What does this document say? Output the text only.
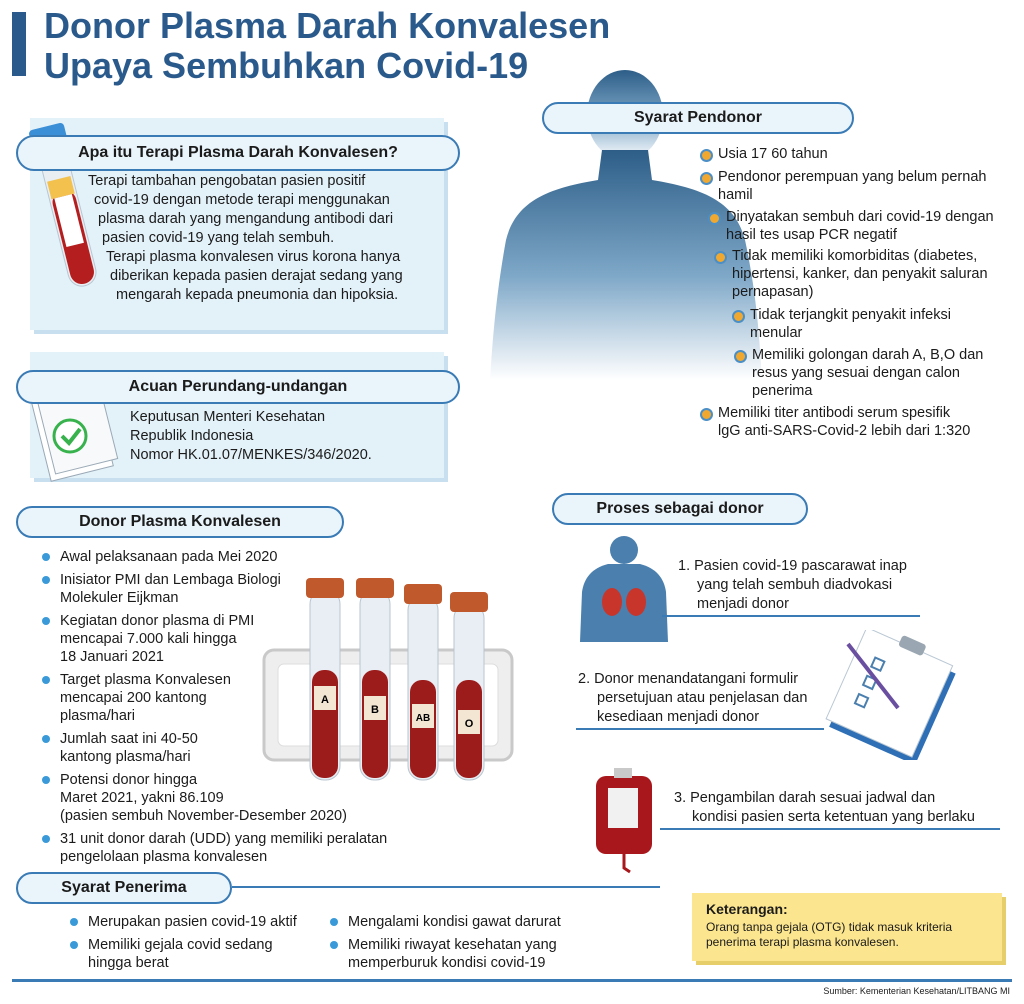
Donor Plasma Darah Konvalesen
Upaya Sembuhkan Covid-19
Apa itu Terapi Plasma Darah Konvalesen?
Terapi tambahan pengobatan pasien positif
covid-19 dengan metode terapi menggunakan
plasma darah yang mengandung antibodi dari
pasien covid-19 yang telah sembuh.
Terapi plasma konvalesen virus korona hanya
diberikan kepada pasien derajat sedang yang
mengarah kepada pneumonia dan hipoksia.
Acuan Perundang-undangan
Keputusan Menteri Kesehatan
Republik Indonesia
Nomor HK.01.07/MENKES/346/2020.
Syarat Pendonor
Usia 17 60 tahun
Pendonor perempuan yang belum pernah
hamil
Dinyatakan sembuh dari covid-19 dengan
hasil tes usap PCR negatif
Tidak memiliki komorbiditas (diabetes,
hipertensi, kanker, dan penyakit saluran
pernapasan)
Tidak terjangkit penyakit infeksi
menular
Memiliki golongan darah A, B,O dan
resus yang sesuai dengan calon
penerima
Memiliki titer antibodi serum spesifik
lgG anti-SARS-Covid-2 lebih dari 1:320
Donor Plasma Konvalesen
Awal pelaksanaan pada Mei 2020
Inisiator PMI dan Lembaga Biologi
Molekuler Eijkman
Kegiatan donor plasma di PMI
mencapai 7.000 kali hingga
18 Januari 2021
Target plasma Konvalesen
mencapai 200 kantong
plasma/hari
Jumlah saat ini 40-50
kantong plasma/hari
Potensi donor hingga
Maret 2021, yakni 86.109
(pasien sembuh November-Desember 2020)
31 unit donor darah (UDD) yang memiliki peralatan
pengelolaan plasma konvalesen
A
B
AB	O
Proses sebagai donor
1. Pasien covid-19 pascarawat inap
yang telah sembuh diadvokasi
menjadi donor
2. Donor menandatangani formulir
persetujuan atau penjelasan dan
kesediaan menjadi donor
3. Pengambilan darah sesuai jadwal dan
kondisi pasien serta ketentuan yang berlaku
Syarat Penerima
Merupakan pasien covid-19 aktif
Memiliki gejala covid sedang
hingga berat
Mengalami kondisi gawat darurat
Memiliki riwayat kesehatan yang
memperburuk kondisi covid-19
Keterangan:
Orang tanpa gejala (OTG) tidak masuk kriteria
penerima terapi plasma konvalesen.
Sumber: Kementerian Kesehatan/LITBANG MI
